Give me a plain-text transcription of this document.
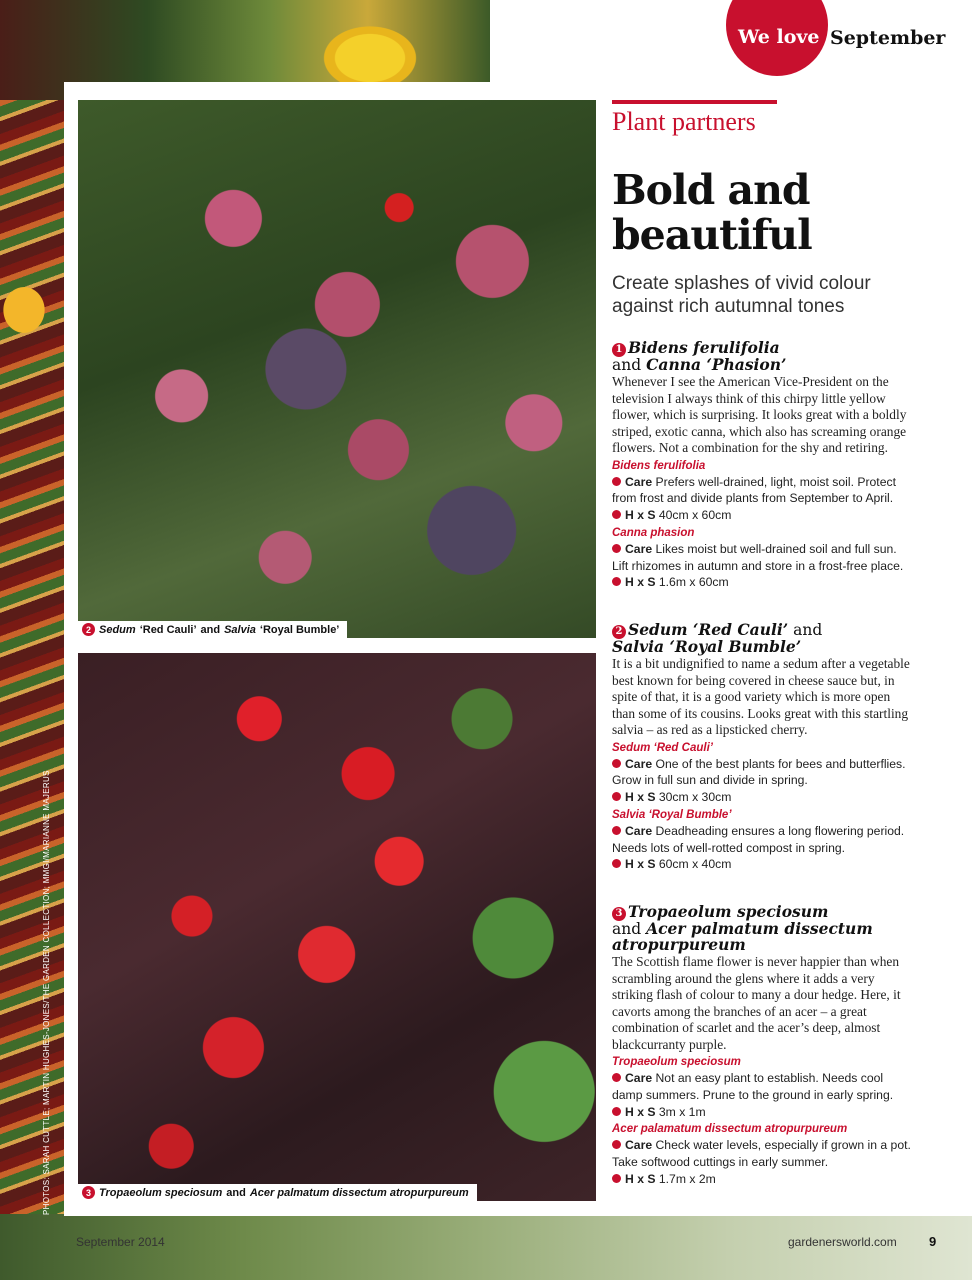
We love September
2 Sedum ‘Red Cauli’ and Salvia ‘Royal Bumble’
3 Tropaeolum speciosum and Acer palmatum dissectum atropurpureum
PHOTOS: SARAH CUTTLE; MARTIN HUGHES-JONES/THE GARDEN COLLECTION; MMGI/MARIANNE MAJERUS
Plant partners
Bold and beautiful

Create splashes of vivid colour against rich autumnal tones

1 Bidens ferulifolia
and Canna ‘Phasion’

Whenever I see the American Vice-President on the television I always think of this chirpy little yellow flower, which is surprising. It looks great with a boldly striped, exotic canna, which also has screaming orange flowers. Not a combination for the shy and retiring.

Bidens ferulifolia
Care Prefers well-drained, light, moist soil. Protect from frost and divide plants from September to April.
H x S 40cm x 60cm
Canna phasion
Care Likes moist but well-drained soil and full sun. Lift rhizomes in autumn and store in a frost-free place.
H x S 1.6m x 60cm
2 Sedum ‘Red Cauli’ and
Salvia ‘Royal Bumble’

It is a bit undignified to name a sedum after a vegetable best known for being covered in cheese sauce but, in spite of that, it is a good variety which is more open than some of its cousins. Looks great with this startling salvia – as red as a lipsticked cherry.

Sedum ‘Red Cauli’
Care One of the best plants for bees and butterflies. Grow in full sun and divide in spring.
H x S 30cm x 30cm
Salvia ‘Royal Bumble’
Care Deadheading ensures a long flowering period. Needs lots of well-rotted compost in spring.
H x S 60cm x 40cm
3 Tropaeolum speciosum
and Acer palmatum dissectum atropurpureum

The Scottish flame flower is never happier than when scrambling around the glens where it adds a very striking flash of colour to many a dour hedge. Here, it cavorts among the branches of an acer – a great combination of scarlet and the acer’s deep, almost blackcurranty purple.

Tropaeolum speciosum
Care Not an easy plant to establish. Needs cool damp summers. Prune to the ground in early spring.
H x S 3m x 1m
Acer palamatum dissectum atropurpureum
Care Check water levels, especially if grown in a pot. Take softwood cuttings in early summer.
H x S 1.7m x 2m
September 2014	gardenersworld.com 9
